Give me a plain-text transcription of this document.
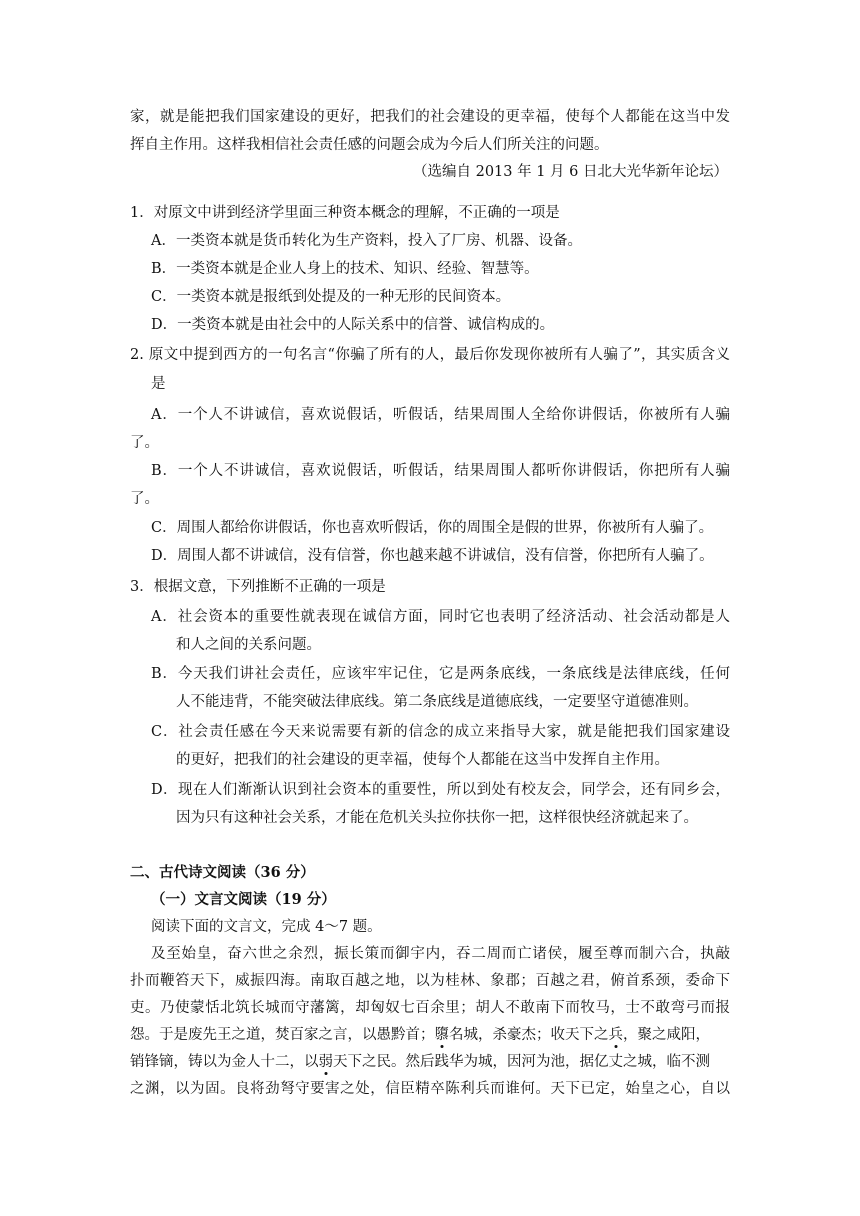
家，就是能把我们国家建设的更好，把我们的社会建设的更幸福，使每个人都能在这当中发
挥自主作用。这样我相信社会责任感的问题会成为今后人们所关注的问题。
（选编自 2013 年 1 月 6 日北大光华新年论坛）
1．对原文中讲到经济学里面三种资本概念的理解，不正确的一项是
A．一类资本就是货币转化为生产资料，投入了厂房、机器、设备。
B．一类资本就是企业人身上的技术、知识、经验、智慧等。
C．一类资本就是报纸到处提及的一种无形的民间资本。
D．一类资本就是由社会中的人际关系中的信誉、诚信构成的。
2. 原文中提到西方的一句名言“你骗了所有的人，最后你发现你被所有人骗了”，其实质含义
是
A．一个人不讲诚信，喜欢说假话，听假话，结果周围人全给你讲假话，你被所有人骗
了。
B．一个人不讲诚信，喜欢说假话，听假话，结果周围人都听你讲假话，你把所有人骗
了。
C．周围人都给你讲假话，你也喜欢听假话，你的周围全是假的世界，你被所有人骗了。
D．周围人都不讲诚信，没有信誉，你也越来越不讲诚信，没有信誉，你把所有人骗了。
3．根据文意，下列推断不正确的一项是
A．社会资本的重要性就表现在诚信方面，同时它也表明了经济活动、社会活动都是人
和人之间的关系问题。
B．今天我们讲社会责任，应该牢牢记住，它是两条底线，一条底线是法律底线，任何
人不能违背，不能突破法律底线。第二条底线是道德底线，一定要坚守道德准则。
C．社会责任感在今天来说需要有新的信念的成立来指导大家，就是能把我们国家建设
的更好，把我们的社会建设的更幸福，使每个人都能在这当中发挥自主作用。
D．现在人们渐渐认识到社会资本的重要性，所以到处有校友会，同学会，还有同乡会，
因为只有这种社会关系，才能在危机关头拉你扶你一把，这样很快经济就起来了。
二、古代诗文阅读（36 分）
（一）文言文阅读（19 分）
阅读下面的文言文，完成 4～7 题。
及至始皇，奋六世之余烈，振长策而御宇内，吞二周而亡诸侯，履至尊而制六合，执敲
扑而鞭笞天下，威振四海。南取百越之地，以为桂林、象郡；百越之君，俯首系颈，委命下
吏。乃使蒙恬北筑长城而守藩篱，却匈奴七百余里；胡人不敢南下而牧马，士不敢弯弓而报
怨。于是废先王之道，焚百家之言，以愚黔首；隳名城，杀豪杰；收天下之兵，聚之咸阳，
销锋镝，铸以为金人十二，以弱天下之民。然后践华为城，因河为池，据亿丈之城，临不测
之渊，以为固。良将劲弩守要害之处，信臣精卒陈利兵而谁何。天下已定，始皇之心，自以
